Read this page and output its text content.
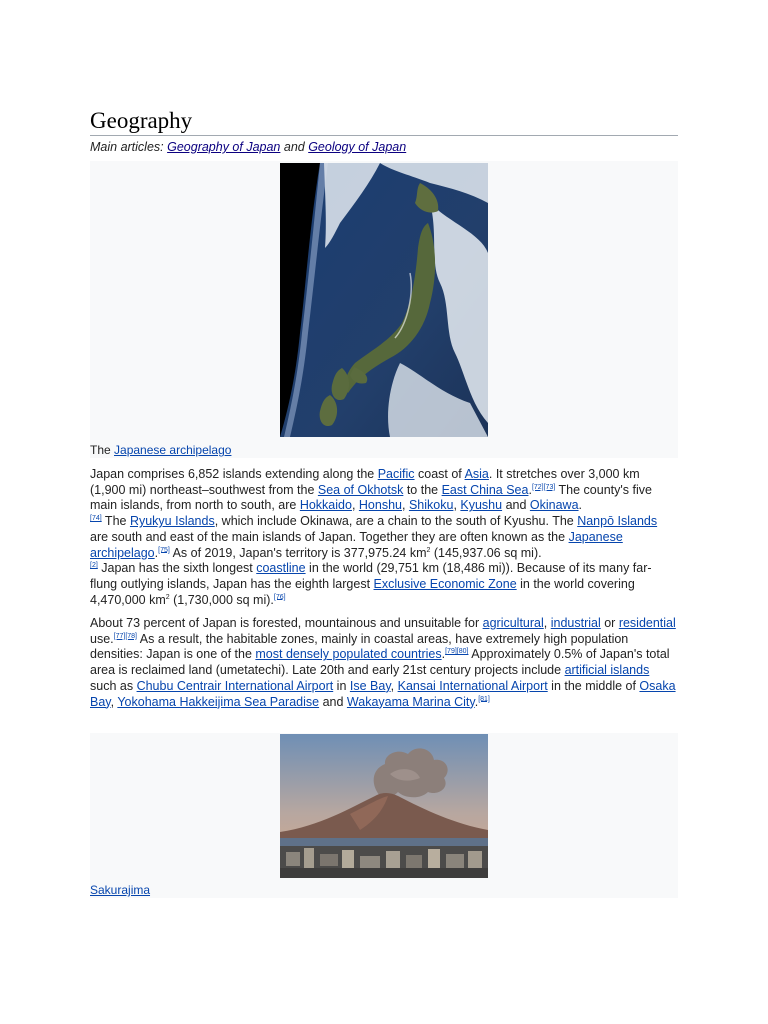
Geography
Main articles: Geography of Japan and Geology of Japan
The Japanese archipelago

Japan comprises 6,852 islands extending along the Pacific coast of Asia. It stretches over 3,000 km (1,900 mi) northeast–southwest from the Sea of Okhotsk to the East China Sea.[72][73] The county's five main islands, from north to south, are Hokkaido, Honshu, Shikoku, Kyushu and Okinawa.
[74] The Ryukyu Islands, which include Okinawa, are a chain to the south of Kyushu. The Nanpō Islands are south and east of the main islands of Japan. Together they are often known as the Japanese archipelago.[75] As of 2019, Japan's territory is 377,975.24 $km^2$ (145,937.06 sq mi).
[2] Japan has the sixth longest coastline in the world (29,751 km (18,486 mi)). Because of its many far-flung outlying islands, Japan has the eighth largest Exclusive Economic Zone in the world covering 4,470,000 $km^2$ (1,730,000 sq mi).[76]

About 73 percent of Japan is forested, mountainous and unsuitable for agricultural, industrial or residential use.[77][78] As a result, the habitable zones, mainly in coastal areas, have extremely high population densities: Japan is one of the most densely populated countries.[79][80] Approximately 0.5% of Japan's total area is reclaimed land (umetatechi). Late 20th and early 21st century projects include artificial islands such as Chubu Centrair International Airport in Ise Bay, Kansai International Airport in the middle of Osaka Bay, Yokohama Hakkeijima Sea Paradise and Wakayama Marina City.[81]

Sakurajima
